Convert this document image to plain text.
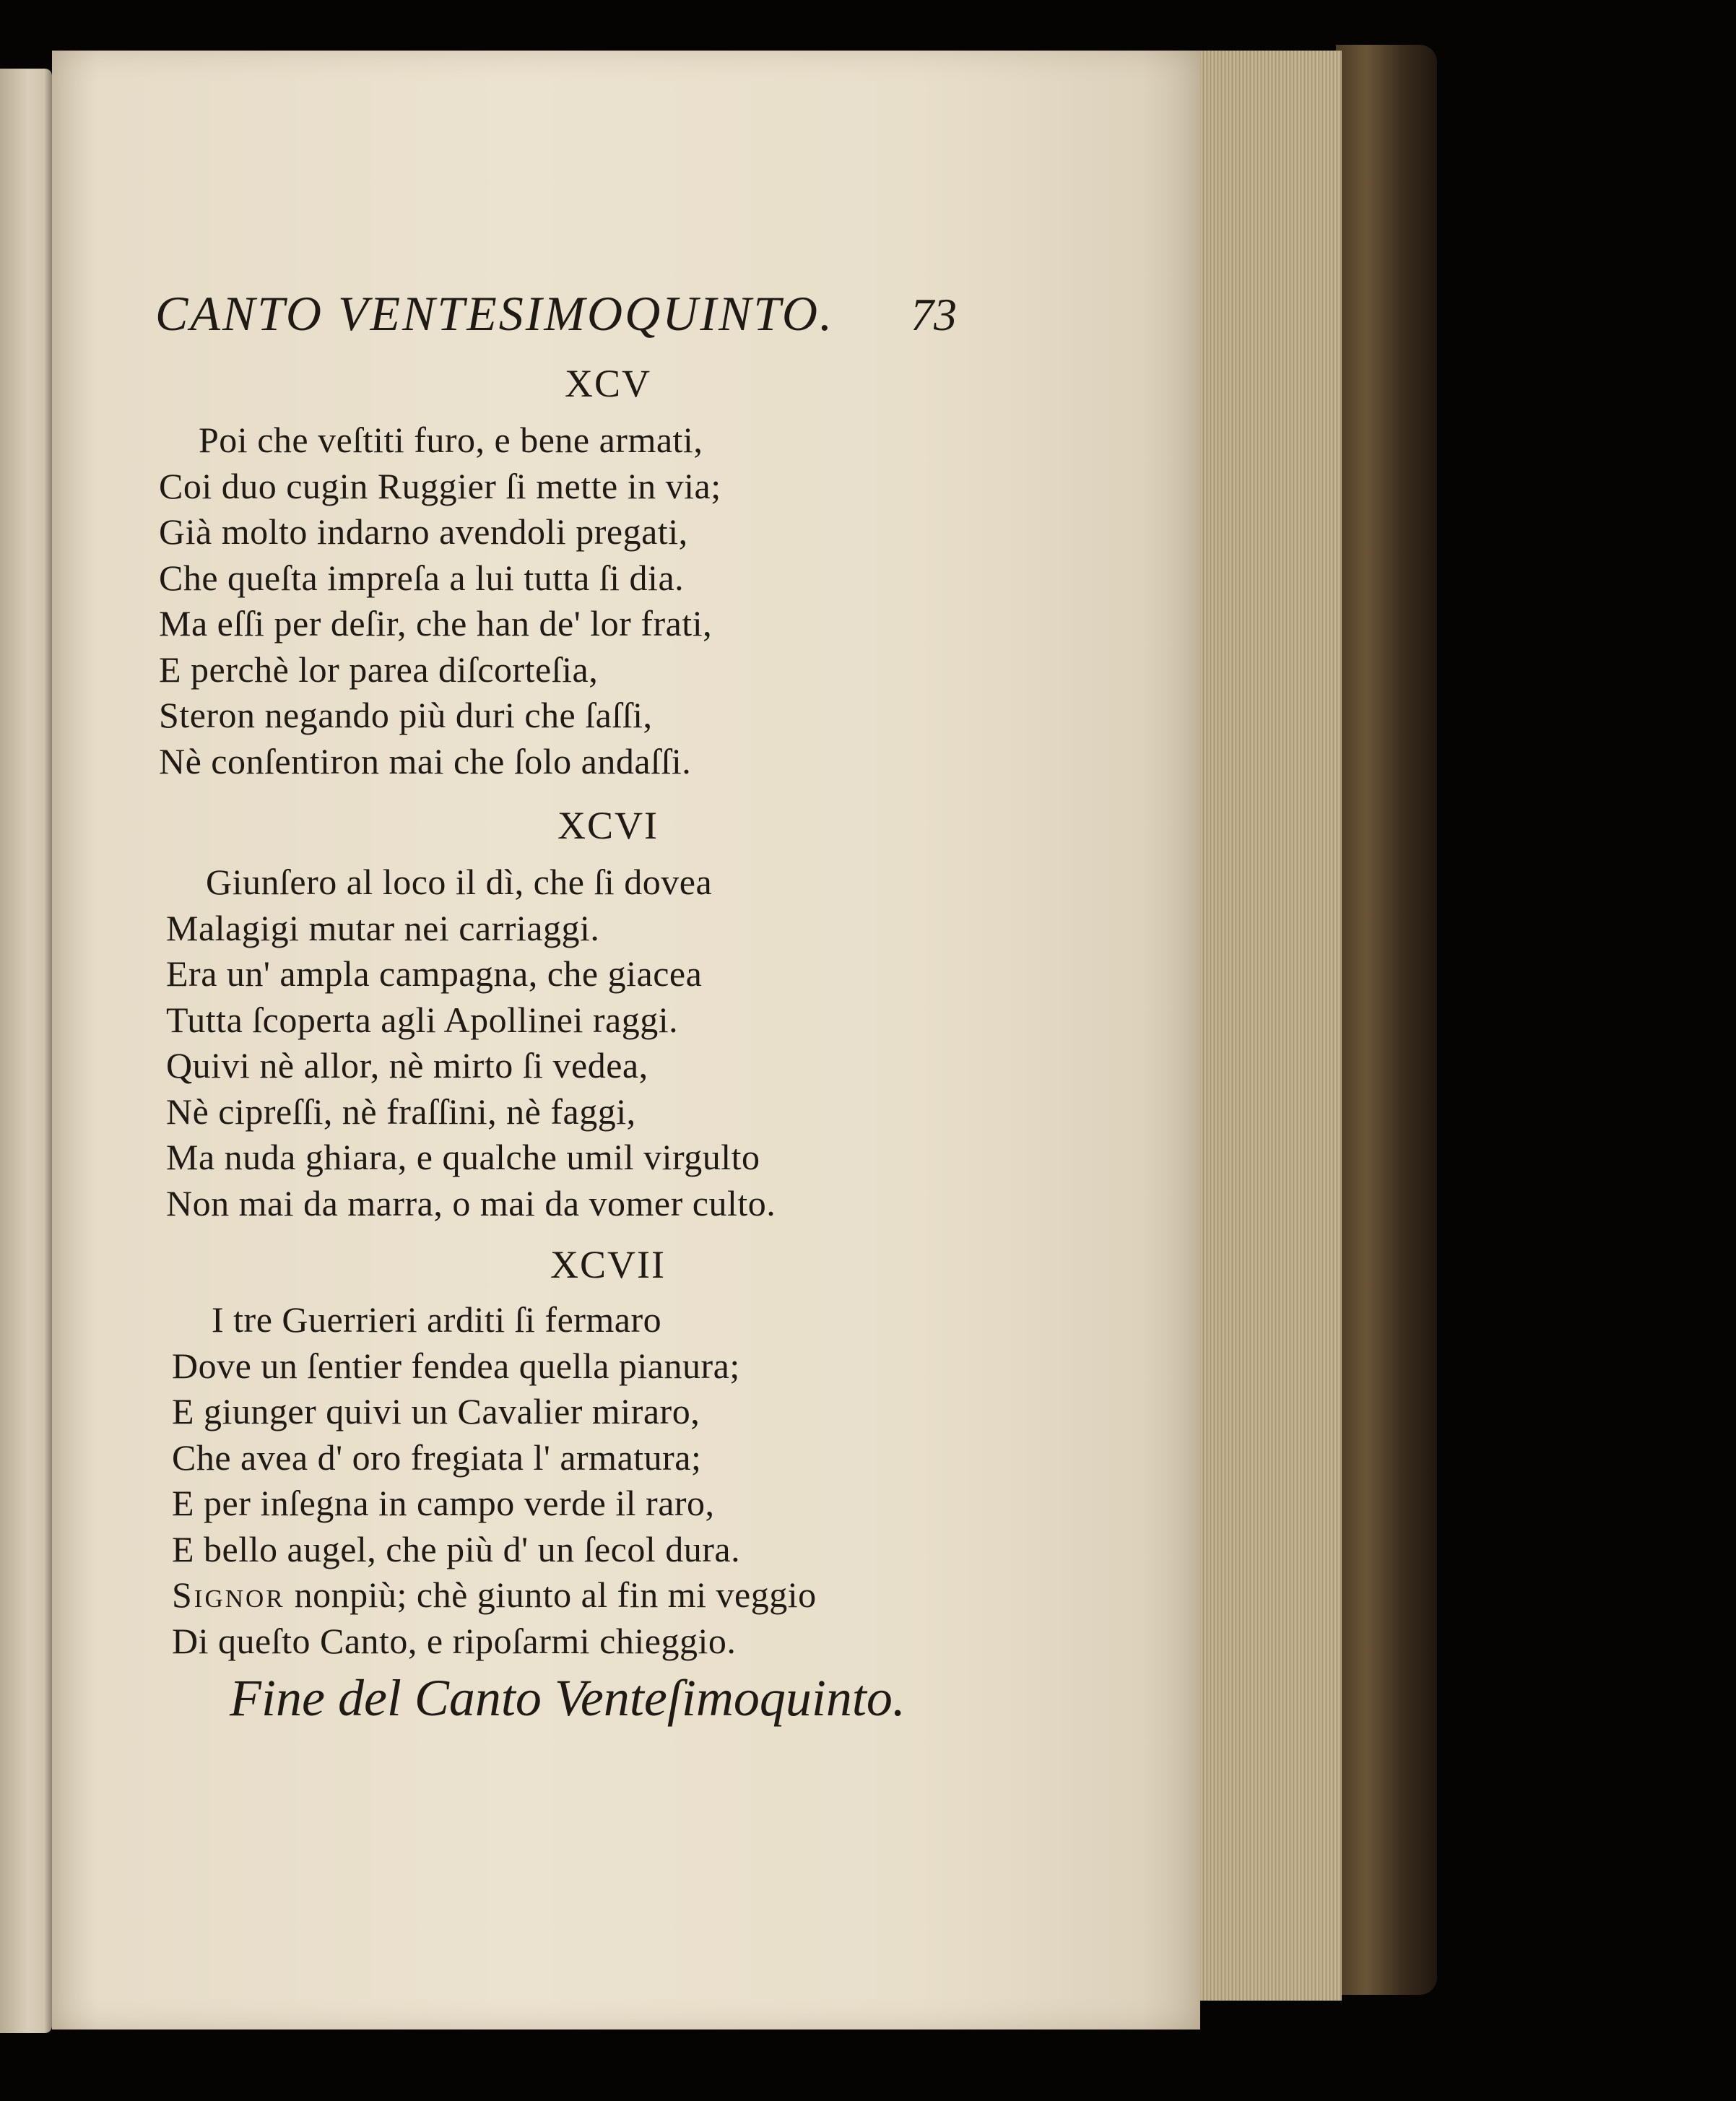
CANTO VENTESIMOQUINTO. 73
XCV
Poi che veſtiti furo, e bene armati,
Coi duo cugin Ruggier ſi mette in via;
Già molto indarno avendoli pregati,
Che queſta impreſa a lui tutta ſi dia.
Ma eſſi per deſir, che han de' lor frati,
E perchè lor parea diſcorteſia,
Steron negando più duri che ſaſſi,
Nè conſentiron mai che ſolo andaſſi.
XCVI
Giunſero al loco il dì, che ſi dovea
Malagigi mutar nei carriaggi.
Era un' ampla campagna, che giacea
Tutta ſcoperta agli Apollinei raggi.
Quivi nè allor, nè mirto ſi vedea,
Nè cipreſſi, nè fraſſini, nè faggi,
Ma nuda ghiara, e qualche umil virgulto
Non mai da marra, o mai da vomer culto.
XCVII
I tre Guerrieri arditi ſi fermaro
Dove un ſentier fendea quella pianura;
E giunger quivi un Cavalier miraro,
Che avea d' oro fregiata l' armatura;
E per inſegna in campo verde il raro,
E bello augel, che più d' un ſecol dura.
Signor nonpiù; chè giunto al fin mi veggio
Di queſto Canto, e ripoſarmi chieggio.
Fine del Canto Venteſimoquinto.
